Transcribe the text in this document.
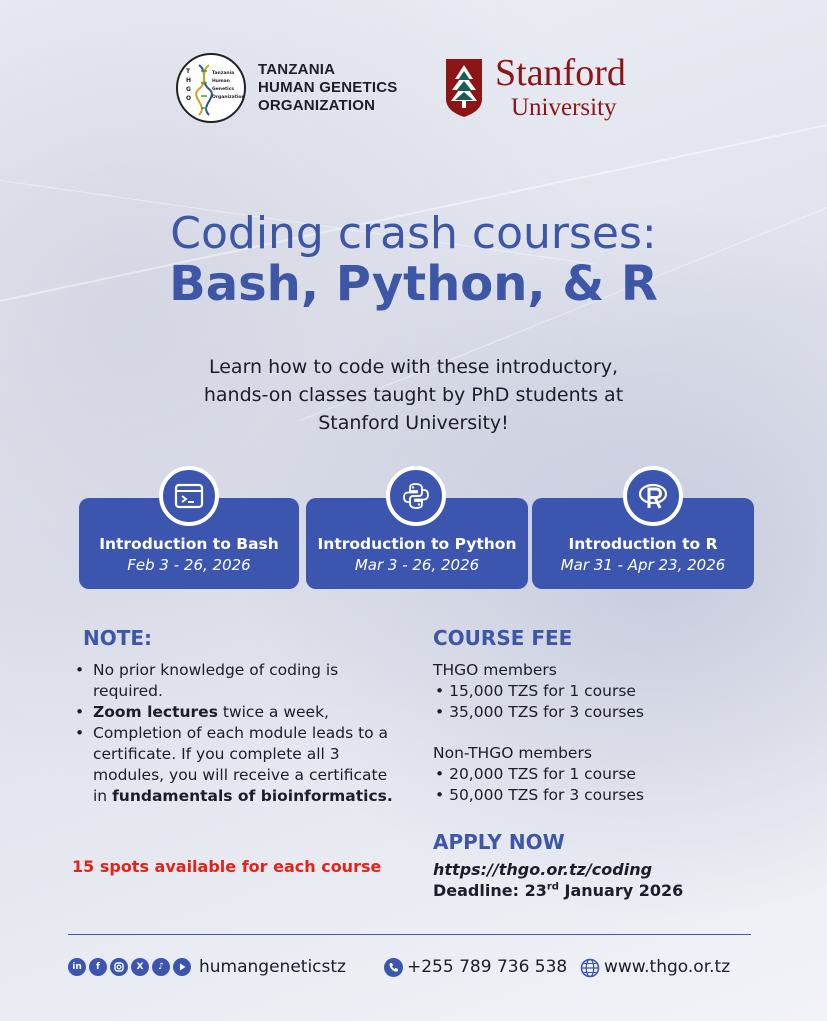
T
H
G
O
Tanzania
Human
Genetics
Organization
TANZANIA
HUMAN GENETICS
ORGANIZATION
Stanford
University
Coding crash courses:
Bash, Python, & R
Learn how to code with these introductory,
hands-on classes taught by PhD students at
Stanford University!
Introduction to Bash
Feb 3 - 26, 2026
Introduction to Python
Mar 3 - 26, 2026
Introduction to R
Mar 31 - Apr 23, 2026
NOTE:
• No prior knowledge of coding is required.
• Zoom lectures twice a week,
• Completion of each module leads to a certificate. If you complete all 3 modules, you will receive a certificate in fundamentals of bioinformatics.
15 spots available for each course
COURSE FEE
THGO members
• 15,000 TZS for 1 course
• 35,000 TZS for 3 courses
Non-THGO members
• 20,000 TZS for 1 course
• 50,000 TZS for 3 courses
APPLY NOW
https://thgo.or.tz/coding
Deadline: 23rd January 2026
in	f	X	♪	humangeneticstz	+255 789 736 538 www.thgo.or.tz
